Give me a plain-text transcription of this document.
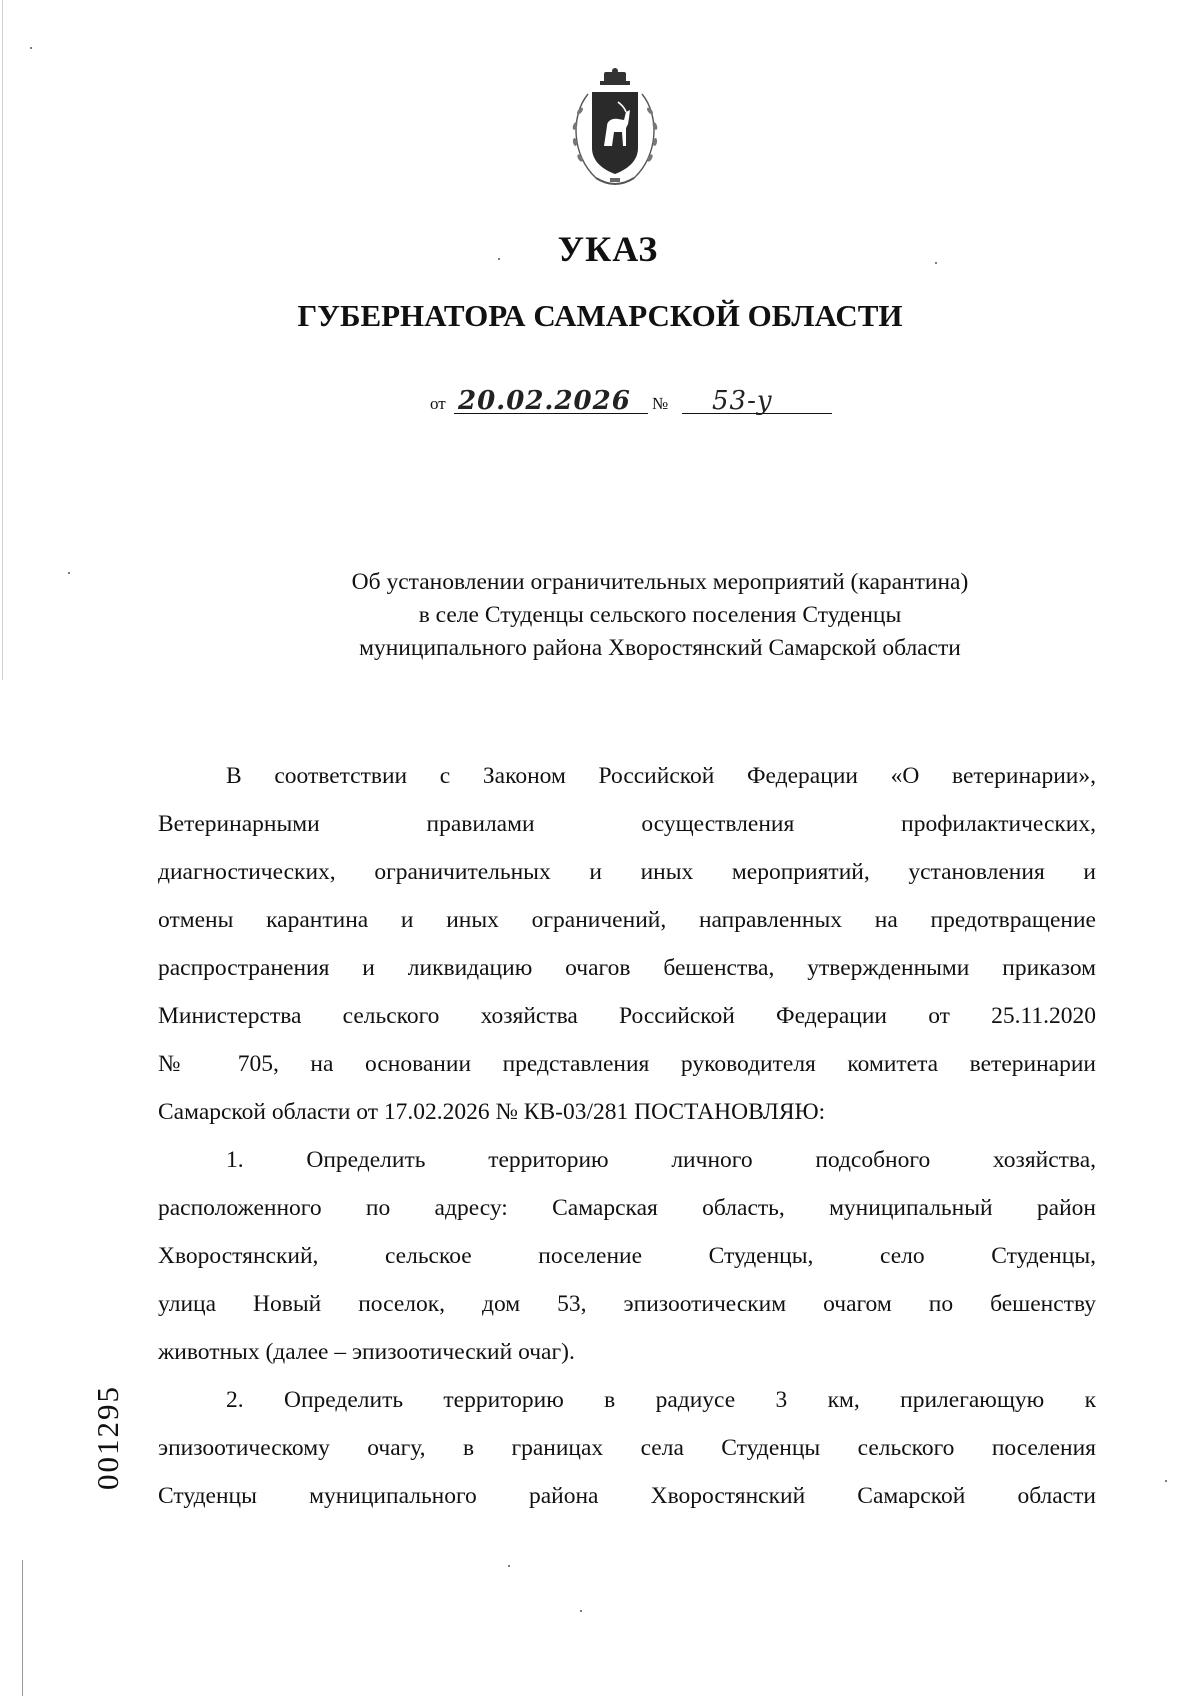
УКАЗ
ГУБЕРНАТОРА САМАРСКОЙ ОБЛАСТИ
от 20.02.2026 № 53-у
Об установлении ограничительных мероприятий (карантина)
в селе Студенцы сельского поселения Студенцы
муниципального района Хворостянский Самарской области
В соответствии с Законом Российской Федерации «О ветеринарии»,
Ветеринарными правилами осуществления профилактических,
диагностических, ограничительных и иных мероприятий, установления и
отмены карантина и иных ограничений, направленных на предотвращение
распространения и ликвидацию очагов бешенства, утвержденными приказом
Министерства сельского хозяйства Российской Федерации от 25.11.2020
№ 705, на основании представления руководителя комитета ветеринарии
Самарской области от 17.02.2026 № КВ-03/281 ПОСТАНОВЛЯЮ:
1. Определить территорию личного подсобного хозяйства,
расположенного по адресу: Самарская область, муниципальный район
Хворостянский, сельское поселение Студенцы, село Студенцы,
улица Новый поселок, дом 53, эпизоотическим очагом по бешенству
животных (далее – эпизоотический очаг).
2. Определить территорию в радиусе 3 км, прилегающую к
эпизоотическому очагу, в границах села Студенцы сельского поселения
Студенцы муниципального района Хворостянский Самарской области
001295
